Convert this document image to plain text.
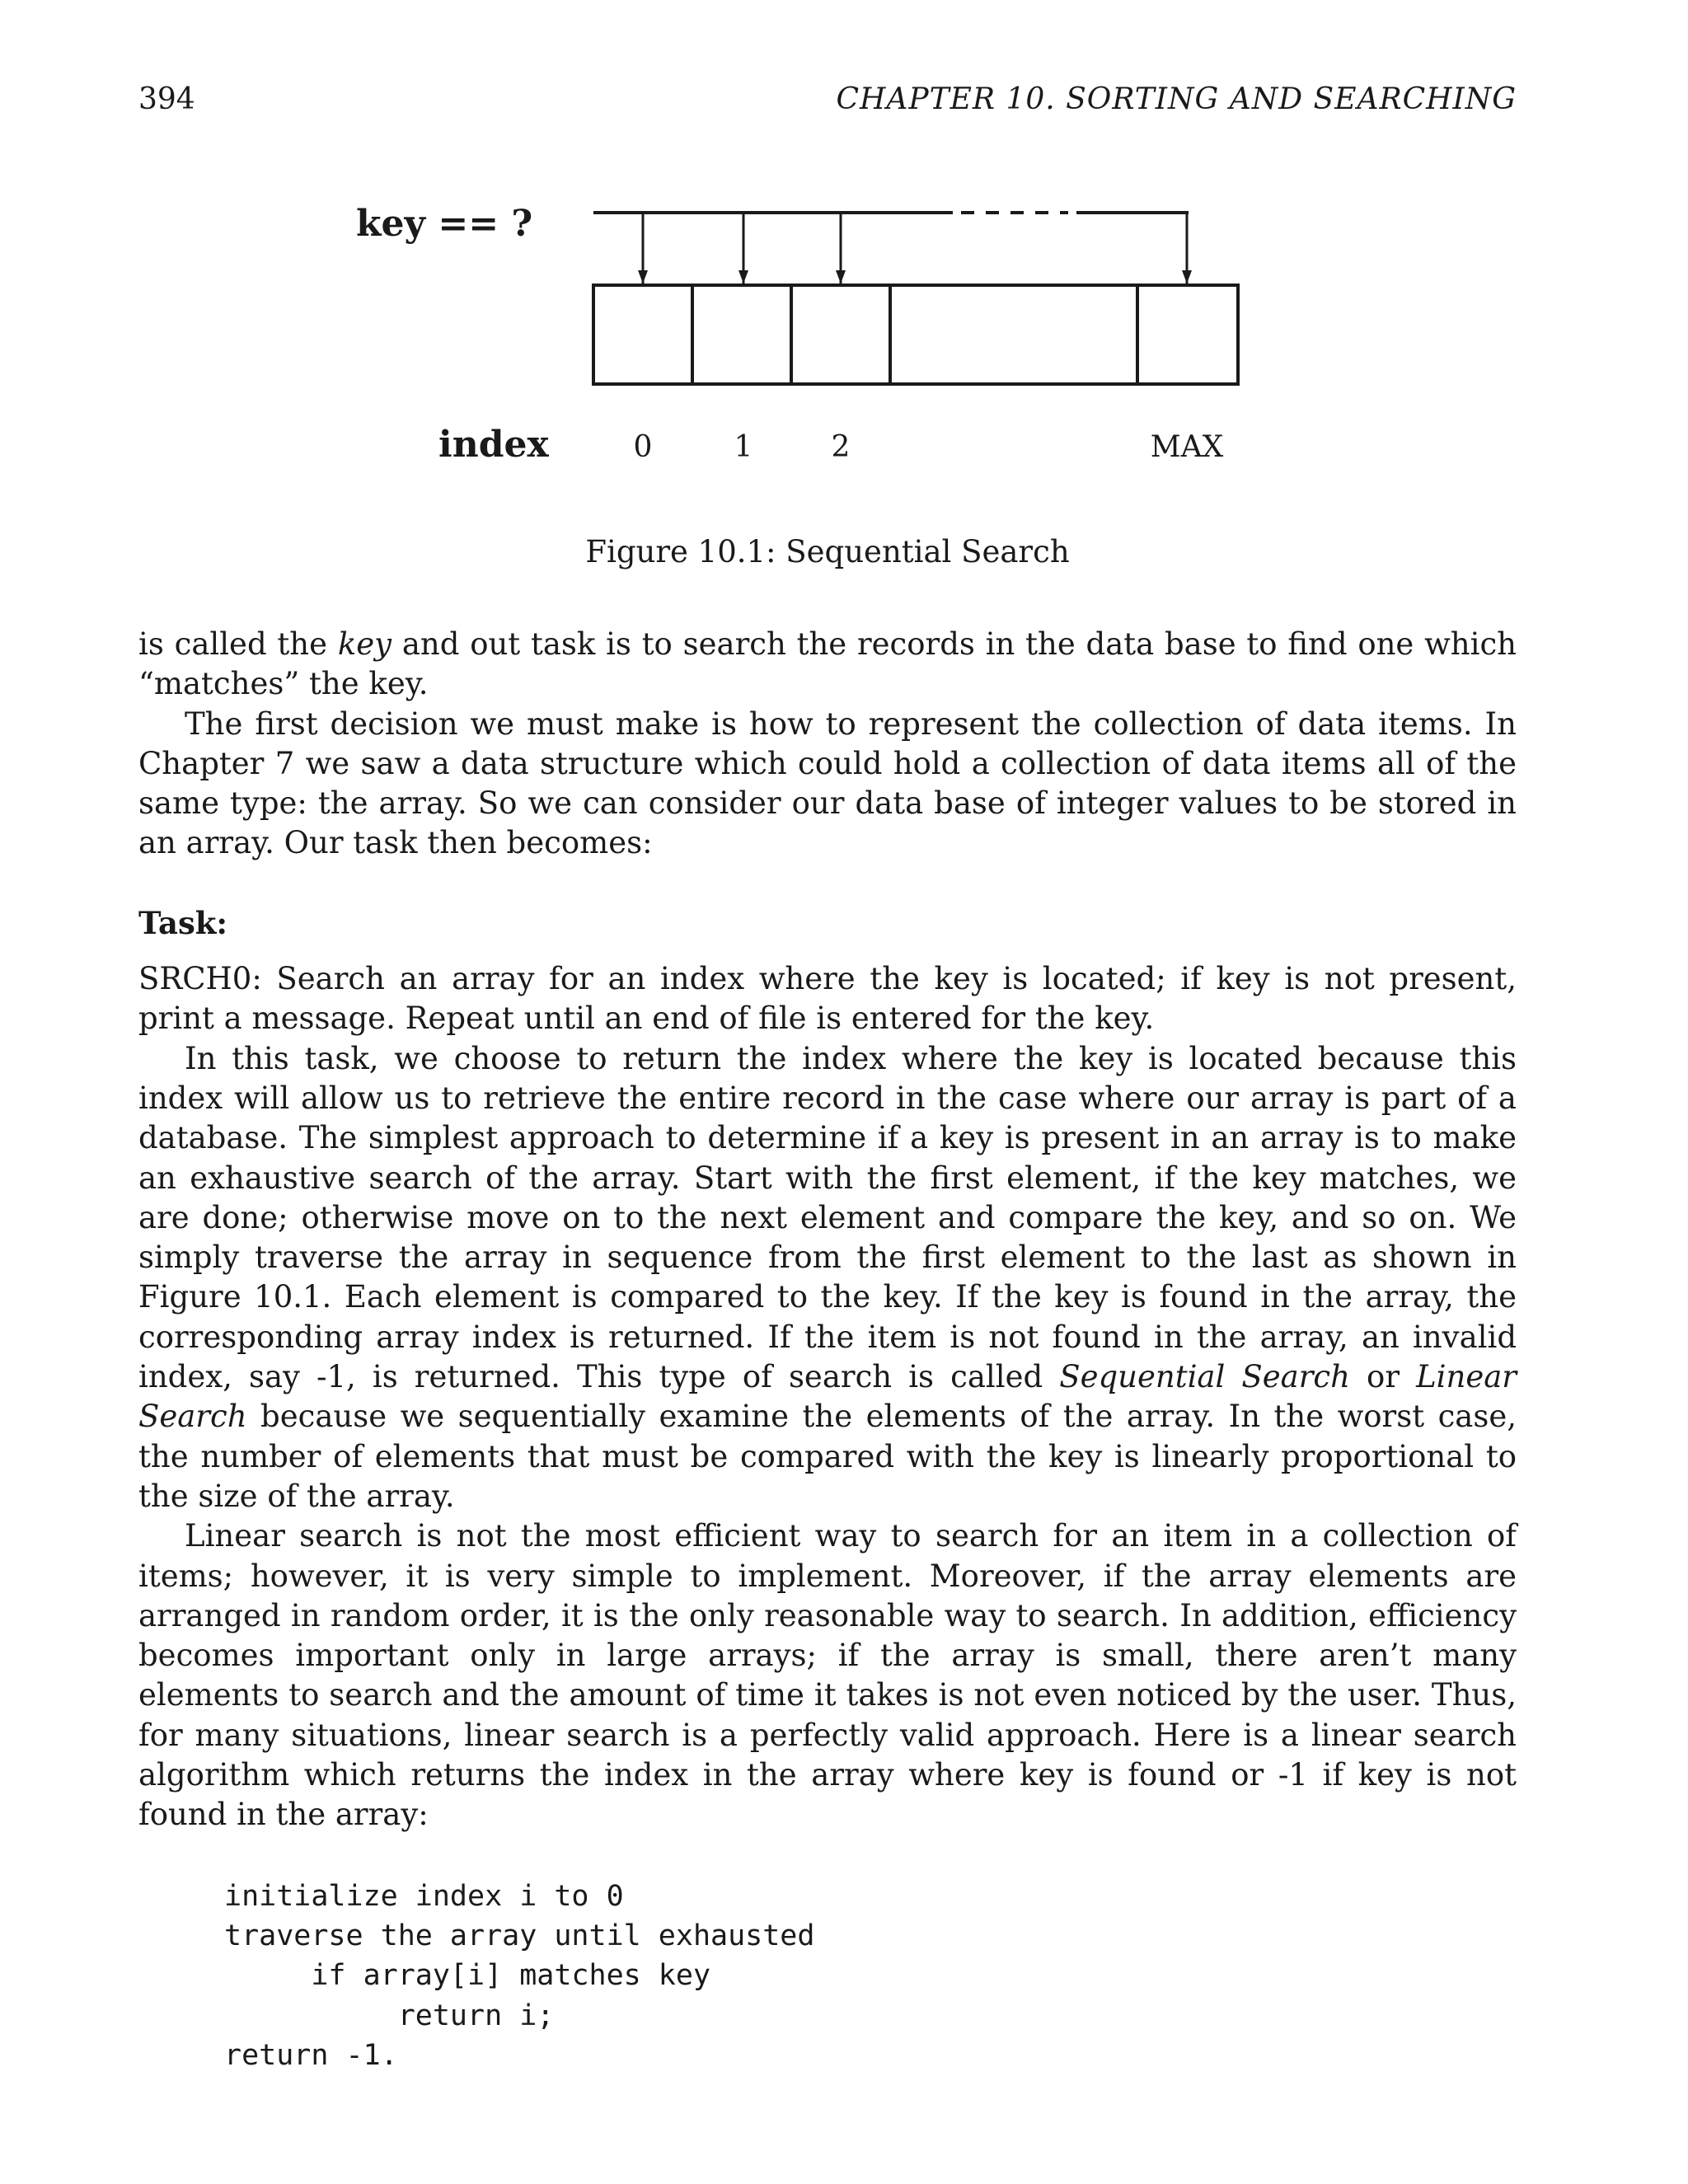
394	CHAPTER 10. SORTING AND SEARCHING
key == ?
index	0	1	2	MAX
Figure 10.1: Sequential Search

is called the key and out task is to search the records in the data base to find one which “matches” the key.

The first decision we must make is how to represent the collection of data items. In Chapter 7 we saw a data structure which could hold a collection of data items all of the same type: the array. So we can consider our data base of integer values to be stored in an array. Our task then becomes:

Task:

SRCH0: Search an array for an index where the key is located; if key is not present, print a message. Repeat until an end of file is entered for the key.

In this task, we choose to return the index where the key is located because this index will allow us to retrieve the entire record in the case where our array is part of a database. The simplest approach to determine if a key is present in an array is to make an exhaustive search of the array. Start with the first element, if the key matches, we are done; otherwise move on to the next element and compare the key, and so on. We simply traverse the array in sequence from the first element to the last as shown in Figure 10.1. Each element is compared to the key. If the key is found in the array, the corresponding array index is returned. If the item is not found in the array, an invalid index, say -1, is returned. This type of search is called Sequential Search or Linear Search because we sequentially examine the elements of the array. In the worst case, the number of elements that must be compared with the key is linearly proportional to the size of the array.

Linear search is not the most efficient way to search for an item in a collection of items; however, it is very simple to implement. Moreover, if the array elements are arranged in random order, it is the only reasonable way to search. In addition, efficiency becomes important only in large arrays; if the array is small, there aren’t many elements to search and the amount of time it takes is not even noticed by the user. Thus, for many situations, linear search is a perfectly valid approach. Here is a linear search algorithm which returns the index in the array where key is found or -1 if key is not found in the array:

initialize index i to 0
traverse the array until exhausted
if array[i] matches key
return i;
return -1.
